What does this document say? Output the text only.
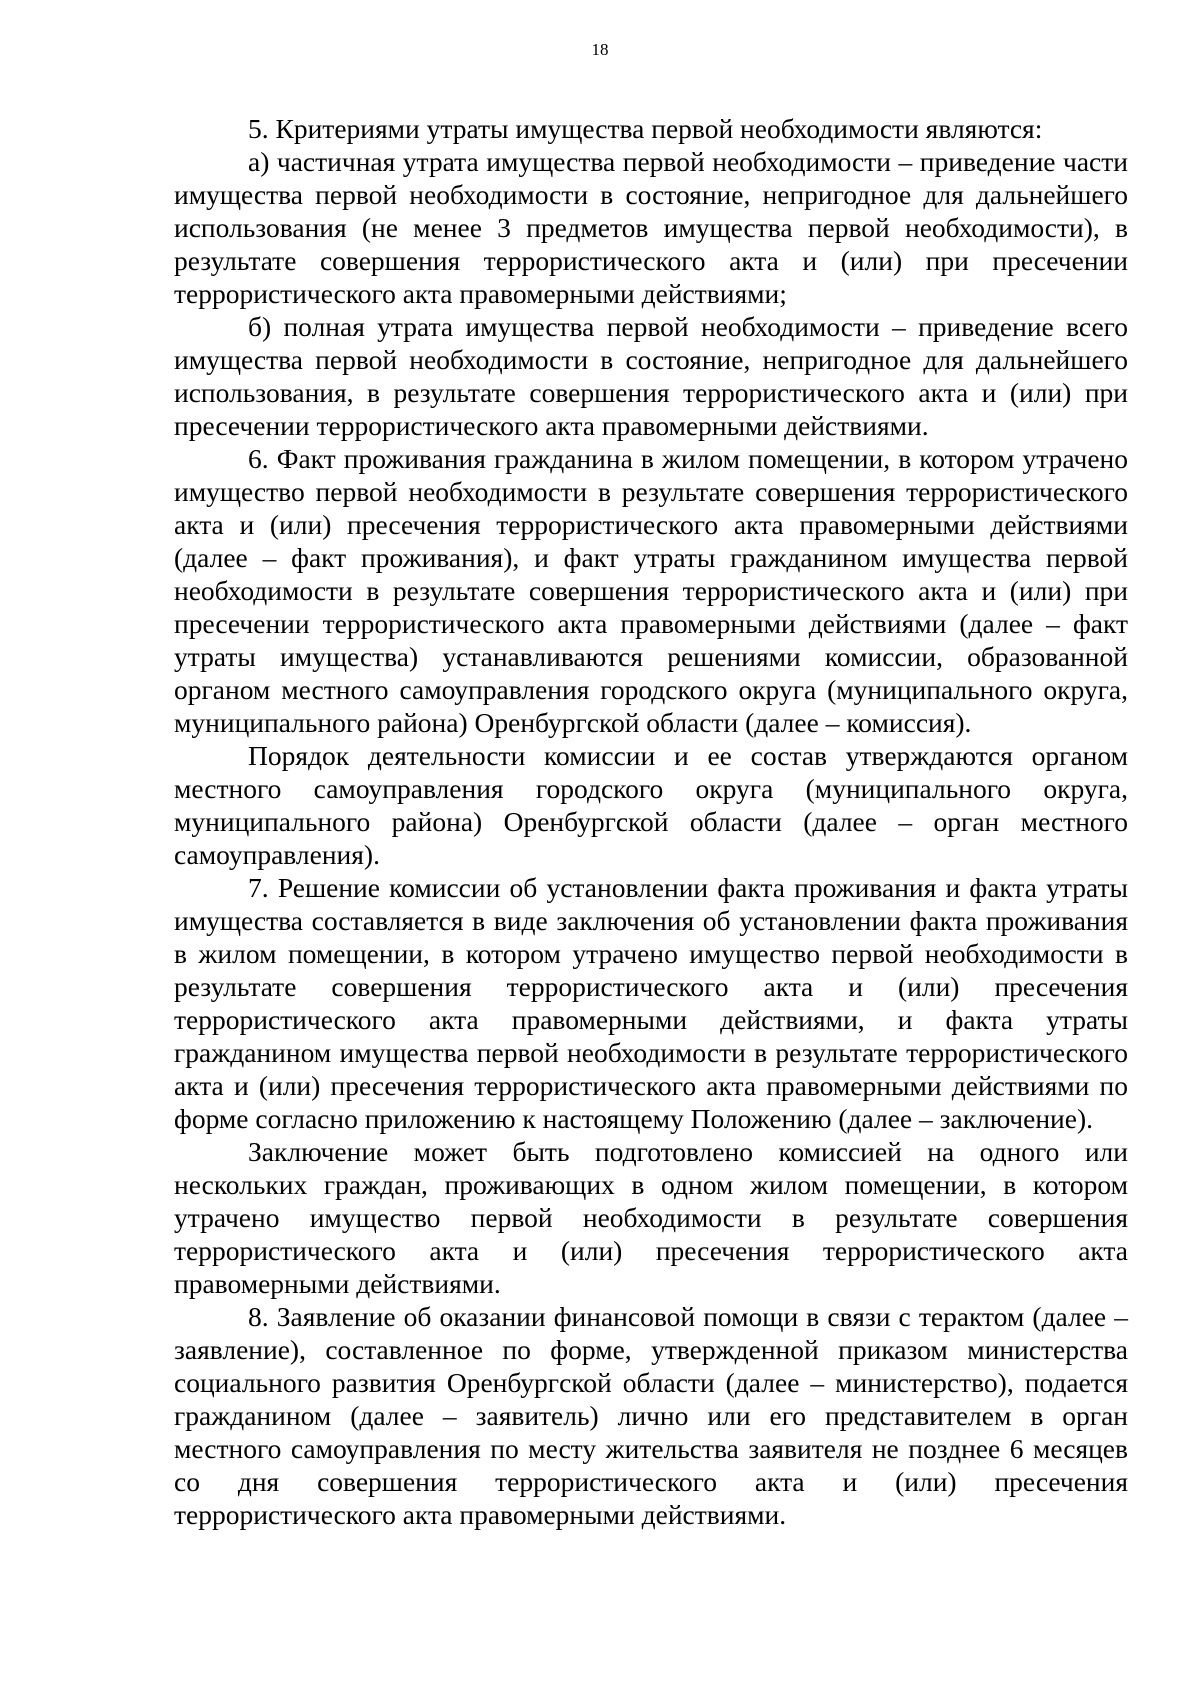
18

5. Критериями утраты имущества первой необходимости являются:

а) частичная утрата имущества первой необходимости – приведение части имущества первой необходимости в состояние, непригодное для дальнейшего использования (не менее 3 предметов имущества первой необходимости), в результате совершения террористического акта и (или) при пресечении террористического акта правомерными действиями;

б) полная утрата имущества первой необходимости – приведение всего имущества первой необходимости в состояние, непригодное для дальнейшего использования, в результате совершения террористического акта и (или) при пресечении террористического акта правомерными действиями.

6. Факт проживания гражданина в жилом помещении, в котором утрачено имущество первой необходимости в результате совершения террористического акта и (или) пресечения террористического акта правомерными действиями (далее – факт проживания), и факт утраты гражданином имущества первой необходимости в результате совершения террористического акта и (или) при пресечении террористического акта правомерными действиями (далее – факт утраты имущества) устанавливаются решениями комиссии, образованной органом местного самоуправления городского округа (муниципального округа, муниципального района) Оренбургской области (далее – комиссия).

Порядок деятельности комиссии и ее состав утверждаются органом местного самоуправления городского округа (муниципального округа, муниципального района) Оренбургской области (далее – орган местного самоуправления).

7. Решение комиссии об установлении факта проживания и факта утраты имущества составляется в виде заключения об установлении факта проживания в жилом помещении, в котором утрачено имущество первой необходимости в результате совершения террористического акта и (или) пресечения террористического акта правомерными действиями, и факта утраты гражданином имущества первой необходимости в результате террористического акта и (или) пресечения террористического акта правомерными действиями по форме согласно приложению к настоящему Положению (далее – заключение).

Заключение может быть подготовлено комиссией на одного или нескольких граждан, проживающих в одном жилом помещении, в котором утрачено имущество первой необходимости в результате совершения террористического акта и (или) пресечения террористического акта правомерными действиями.

8. Заявление об оказании финансовой помощи в связи с терактом (далее – заявление), составленное по форме, утвержденной приказом министерства социального развития Оренбургской области (далее – министерство), подается гражданином (далее – заявитель) лично или его представителем в орган местного самоуправления по месту жительства заявителя не позднее 6 месяцев со дня совершения террористического акта и (или) пресечения террористического акта правомерными действиями.
